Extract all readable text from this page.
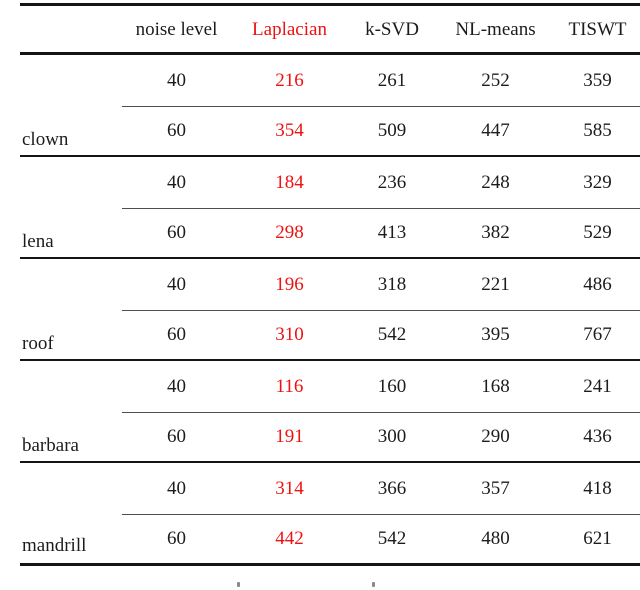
noise level	Laplacian	k-SVD	NL-means	TISWT
40	216	261	252	359
60	354	509	447	585
clown
40	184	236	248	329
60	298	413	382	529
lena
40	196	318	221	486
60	310	542	395	767
roof
40	116	160	168	241
60	191	300	290	436
barbara
40	314	366	357	418
60	442	542	480	621
mandrill
